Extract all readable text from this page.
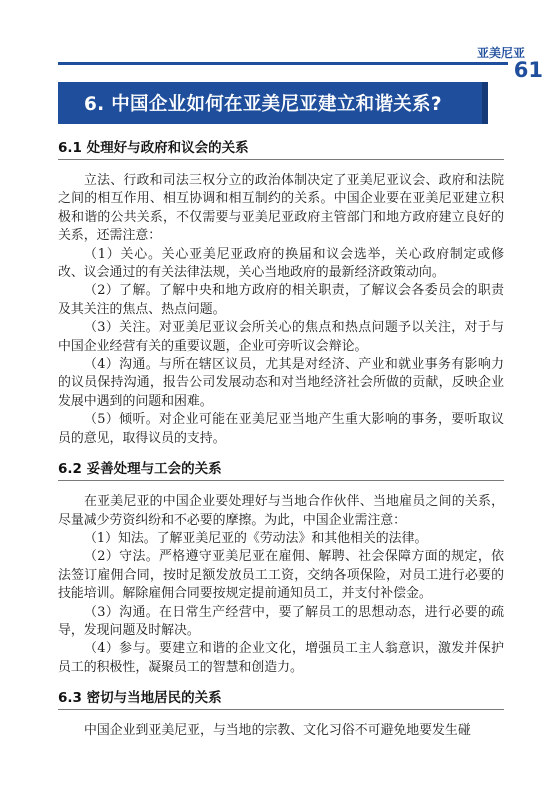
亚美尼亚
61
6. 中国企业如何在亚美尼亚建立和谐关系?
6.1 处理好与政府和议会的关系

立法、行政和司法三权分立的政治体制决定了亚美尼亚议会、政府和法院之间的相互作用、相互协调和相互制约的关系。中国企业要在亚美尼亚建立积极和谐的公共关系，不仅需要与亚美尼亚政府主管部门和地方政府建立良好的关系，还需注意：

（1）关心。关心亚美尼亚政府的换届和议会选举，关心政府制定或修改、议会通过的有关法律法规，关心当地政府的最新经济政策动向。

（2）了解。了解中央和地方政府的相关职责，了解议会各委员会的职责及其关注的焦点、热点问题。

（3）关注。对亚美尼亚议会所关心的焦点和热点问题予以关注，对于与中国企业经营有关的重要议题，企业可旁听议会辩论。

（4）沟通。与所在辖区议员，尤其是对经济、产业和就业事务有影响力的议员保持沟通，报告公司发展动态和对当地经济社会所做的贡献，反映企业发展中遇到的问题和困难。

（5）倾听。对企业可能在亚美尼亚当地产生重大影响的事务，要听取议员的意见，取得议员的支持。

6.2 妥善处理与工会的关系

在亚美尼亚的中国企业要处理好与当地合作伙伴、当地雇员之间的关系，尽量减少劳资纠纷和不必要的摩擦。为此，中国企业需注意：

（1）知法。了解亚美尼亚的《劳动法》和其他相关的法律。

（2）守法。严格遵守亚美尼亚在雇佣、解聘、社会保障方面的规定，依法签订雇佣合同，按时足额发放员工工资，交纳各项保险，对员工进行必要的技能培训。解除雇佣合同要按规定提前通知员工，并支付补偿金。

（3）沟通。在日常生产经营中，要了解员工的思想动态，进行必要的疏导，发现问题及时解决。

（4）参与。要建立和谐的企业文化，增强员工主人翁意识，激发并保护员工的积极性，凝聚员工的智慧和创造力。

6.3 密切与当地居民的关系

中国企业到亚美尼亚，与当地的宗教、文化习俗不可避免地要发生碰
